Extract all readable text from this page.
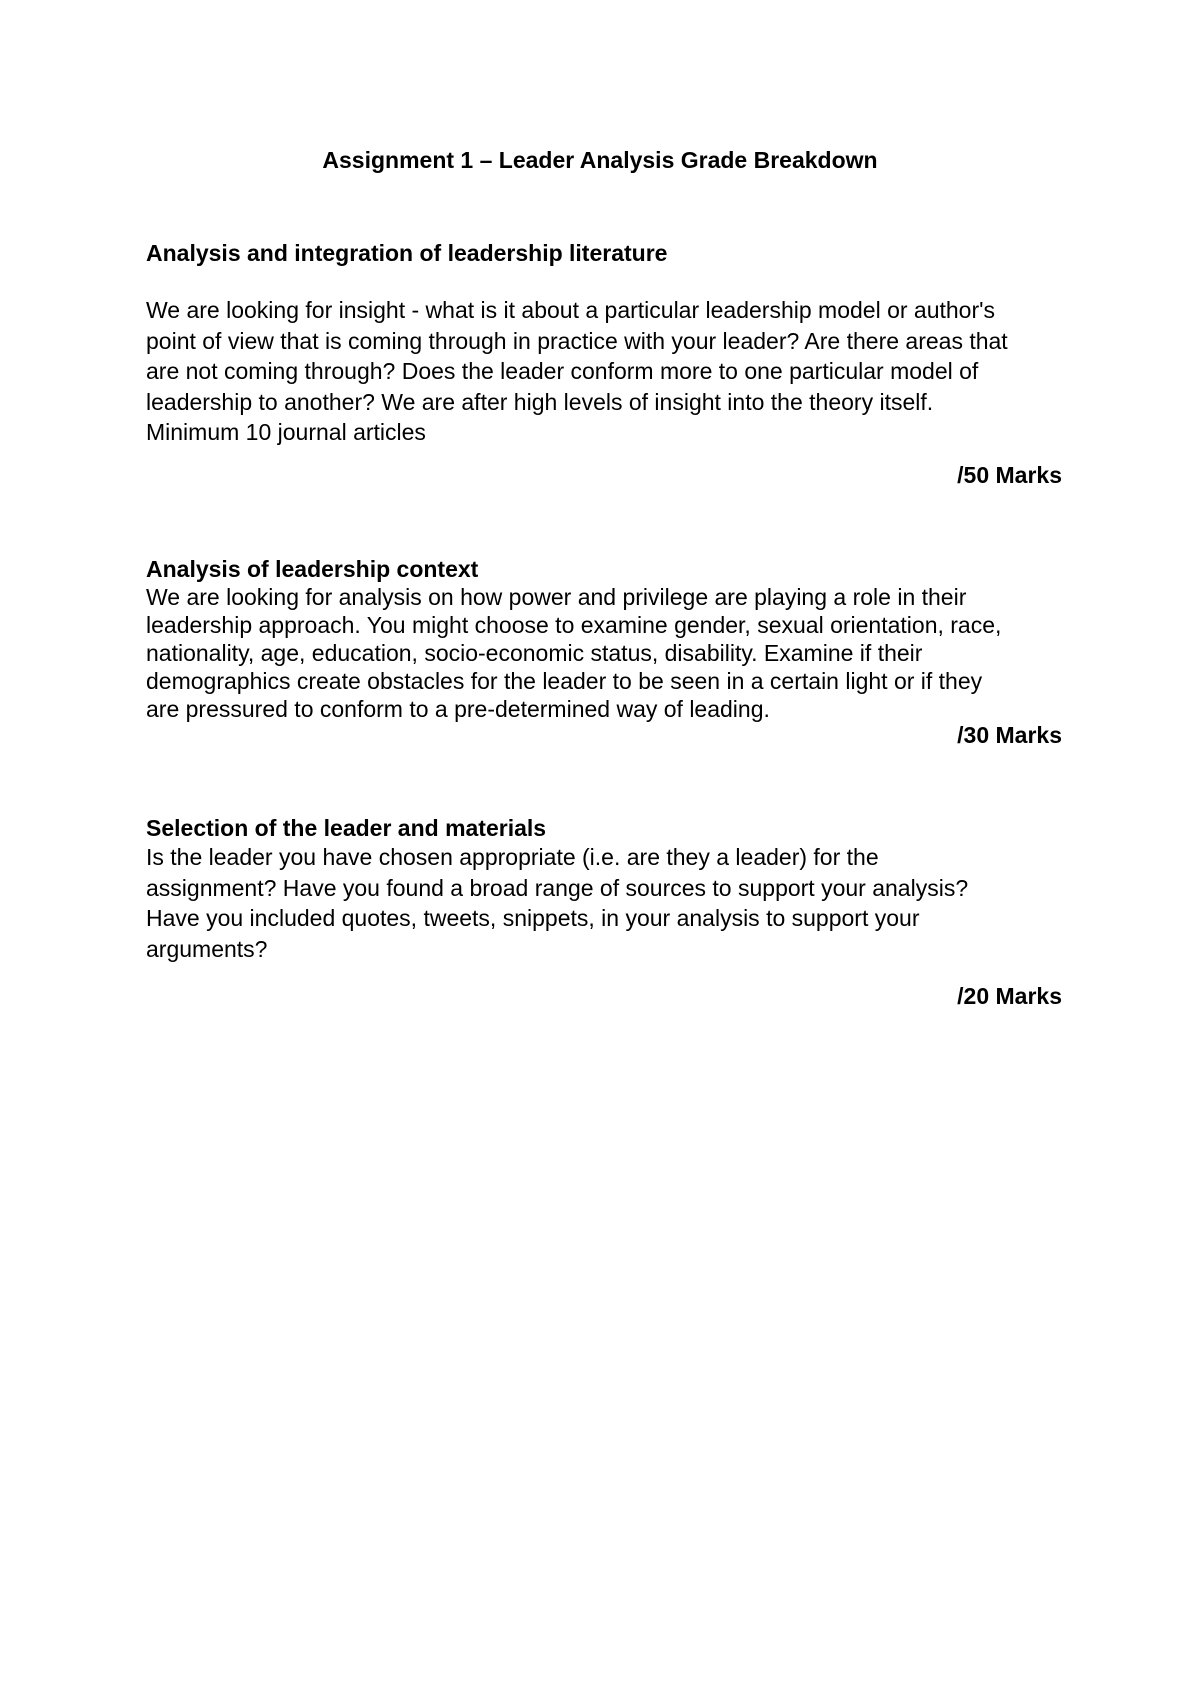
Assignment 1 – Leader Analysis Grade Breakdown
Analysis and integration of leadership literature

We are looking for insight - what is it about a particular leadership model or author's

point of view that is coming through in practice with your leader? Are there areas that

are not coming through? Does the leader conform more to one particular model of

leadership to another? We are after high levels of insight into the theory itself.

Minimum 10 journal articles

/50 Marks
Analysis of leadership context

We are looking for analysis on how power and privilege are playing a role in their

leadership approach. You might choose to examine gender, sexual orientation, race,

nationality, age, education, socio-economic status, disability. Examine if their

demographics create obstacles for the leader to be seen in a certain light or if they

are pressured to conform to a pre-determined way of leading.

/30 Marks
Selection of the leader and materials

Is the leader you have chosen appropriate (i.e. are they a leader) for the

assignment? Have you found a broad range of sources to support your analysis?

Have you included quotes, tweets, snippets, in your analysis to support your

arguments?

/20 Marks
